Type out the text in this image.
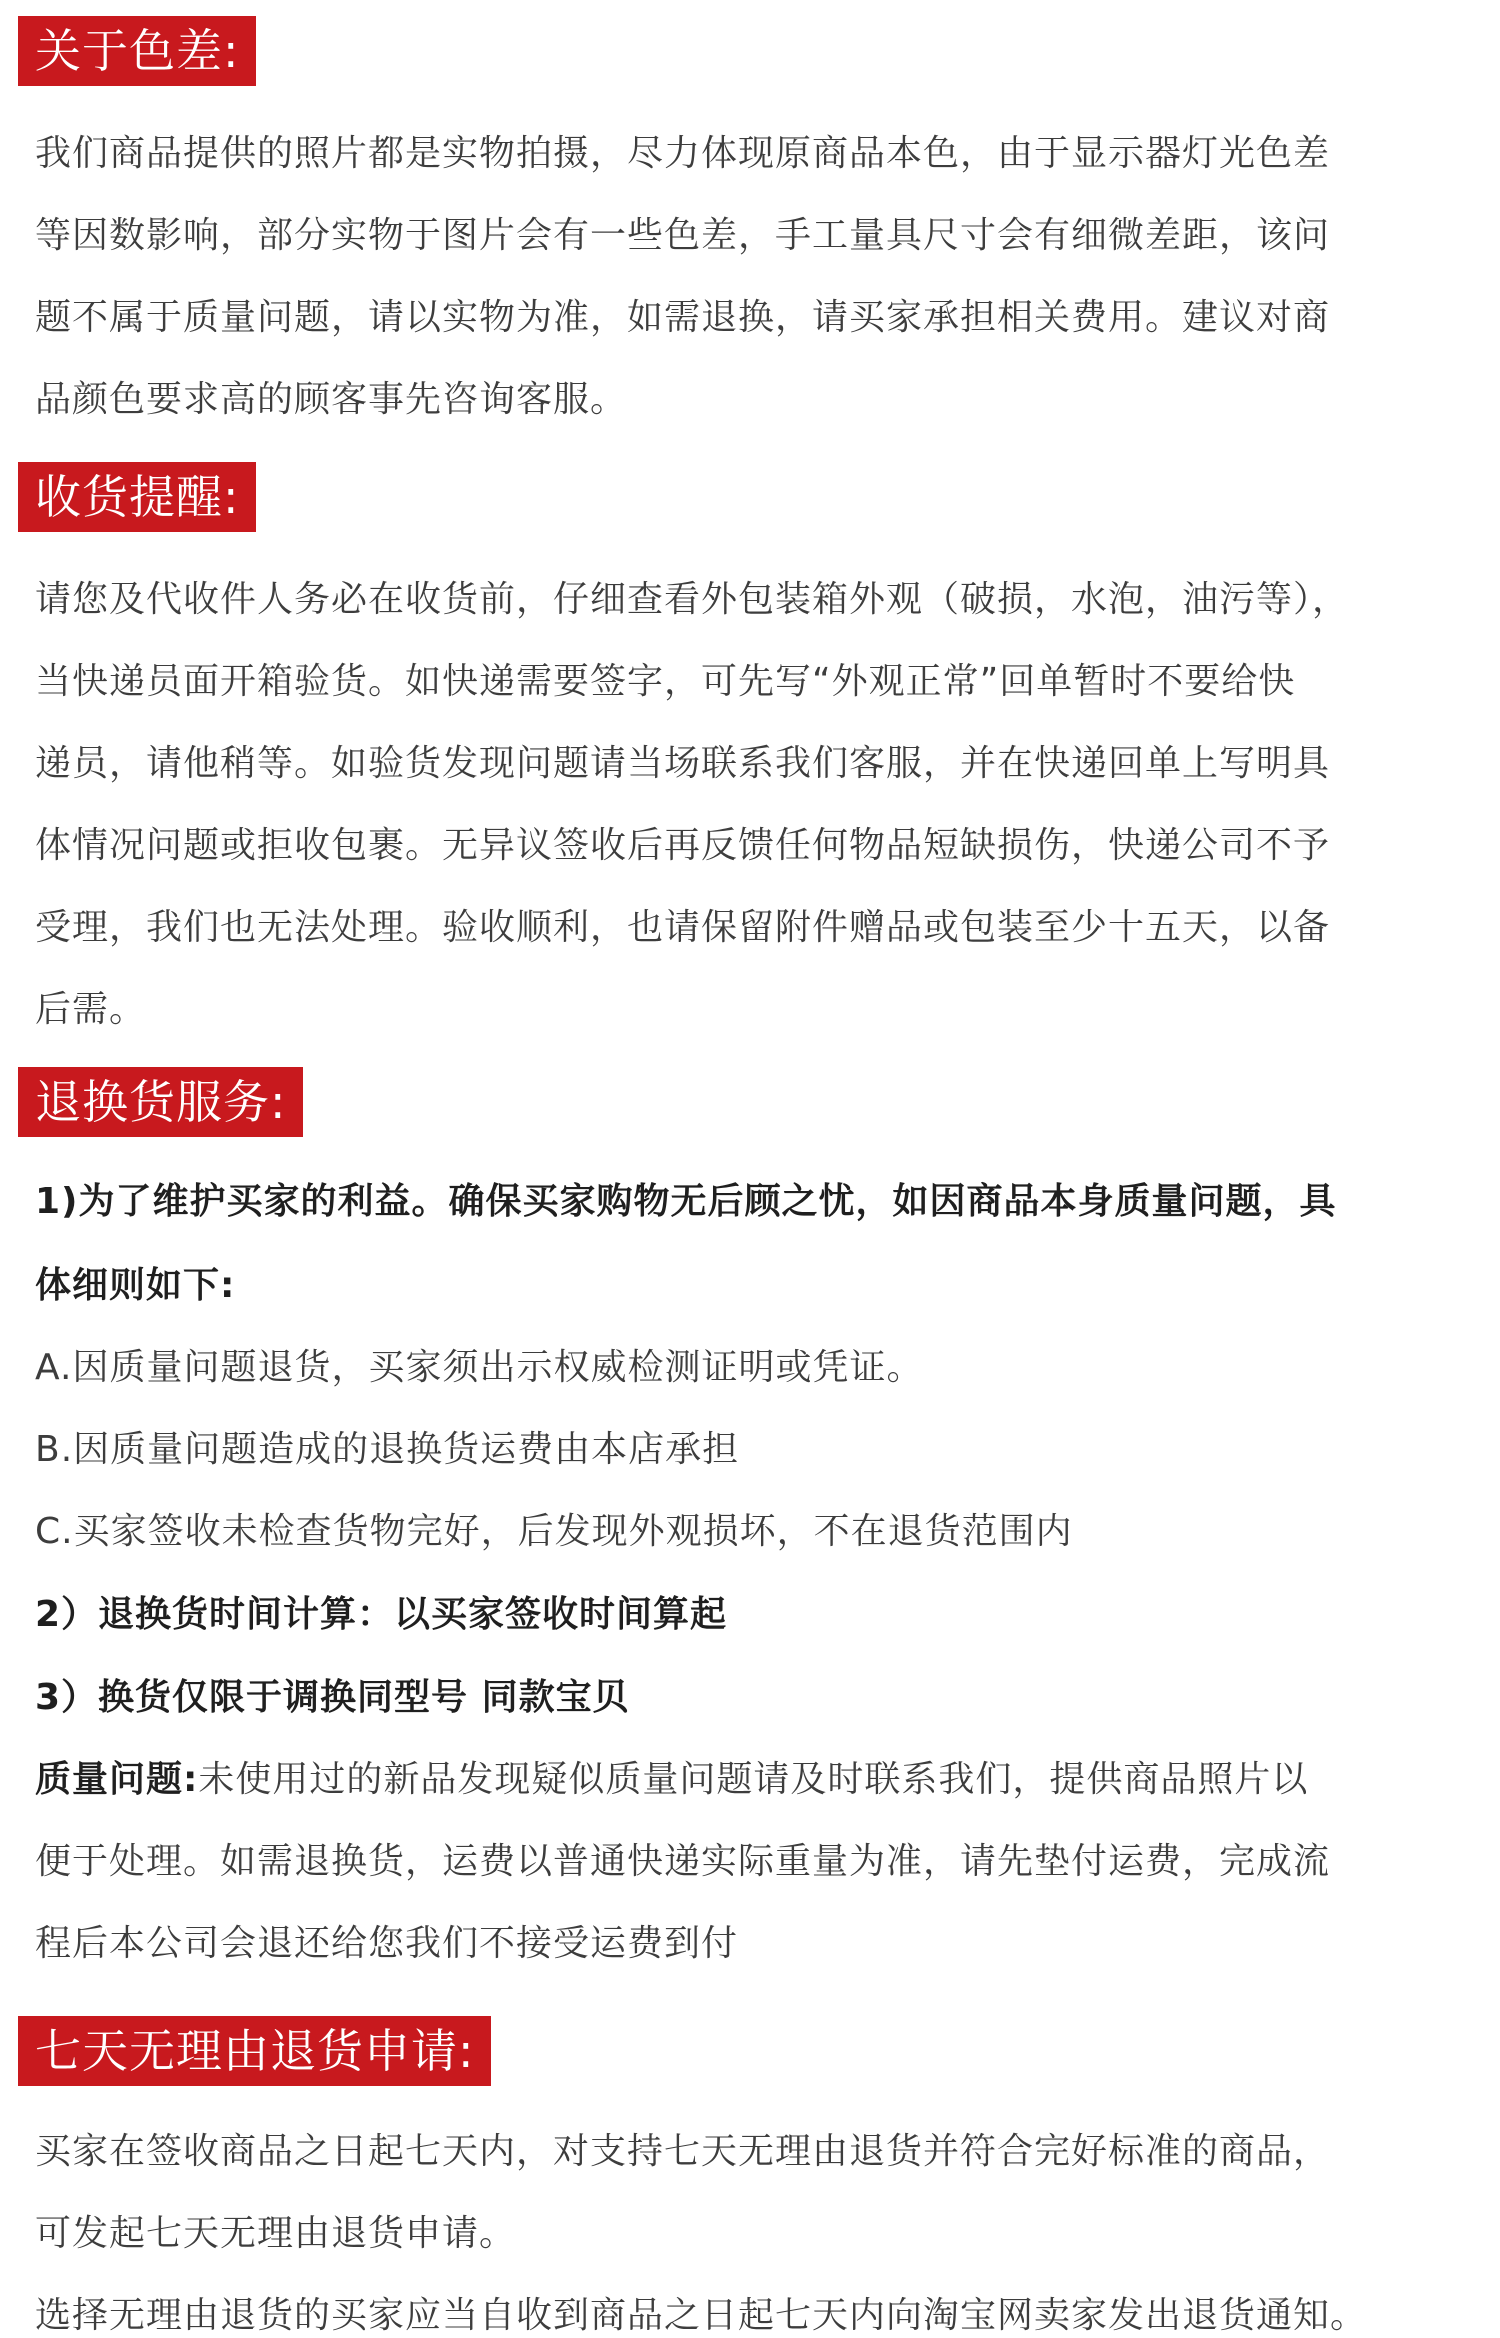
关于色差:
我们商品提供的照片都是实物拍摄，尽力体现原商品本色，由于显示器灯光色差
等因数影响，部分实物于图片会有一些色差，手工量具尺寸会有细微差距，该问
题不属于质量问题，请以实物为准，如需退换，请买家承担相关费用。建议对商
品颜色要求高的顾客事先咨询客服。
收货提醒:
请您及代收件人务必在收货前，仔细查看外包装箱外观（破损，水泡，油污等），
当快递员面开箱验货。如快递需要签字，可先写“外观正常”回单暂时不要给快
递员，请他稍等。如验货发现问题请当场联系我们客服，并在快递回单上写明具
体情况问题或拒收包裹。无异议签收后再反馈任何物品短缺损伤，快递公司不予
受理，我们也无法处理。验收顺利，也请保留附件赠品或包装至少十五天，以备
后需。
退换货服务:
1)为了维护买家的利益。确保买家购物无后顾之忧，如因商品本身质量问题，具
体细则如下:
A.因质量问题退货，买家须出示权威检测证明或凭证。
B.因质量问题造成的退换货运费由本店承担
C.买家签收未检查货物完好，后发现外观损坏，不在退货范围内
2）退换货时间计算：以买家签收时间算起
3）换货仅限于调换同型号 同款宝贝
质量问题:未使用过的新品发现疑似质量问题请及时联系我们，提供商品照片以
便于处理。如需退换货，运费以普通快递实际重量为准，请先垫付运费，完成流
程后本公司会退还给您我们不接受运费到付
七天无理由退货申请:
买家在签收商品之日起七天内，对支持七天无理由退货并符合完好标准的商品，
可发起七天无理由退货申请。
选择无理由退货的买家应当自收到商品之日起七天内向淘宝网卖家发出退货通知。
